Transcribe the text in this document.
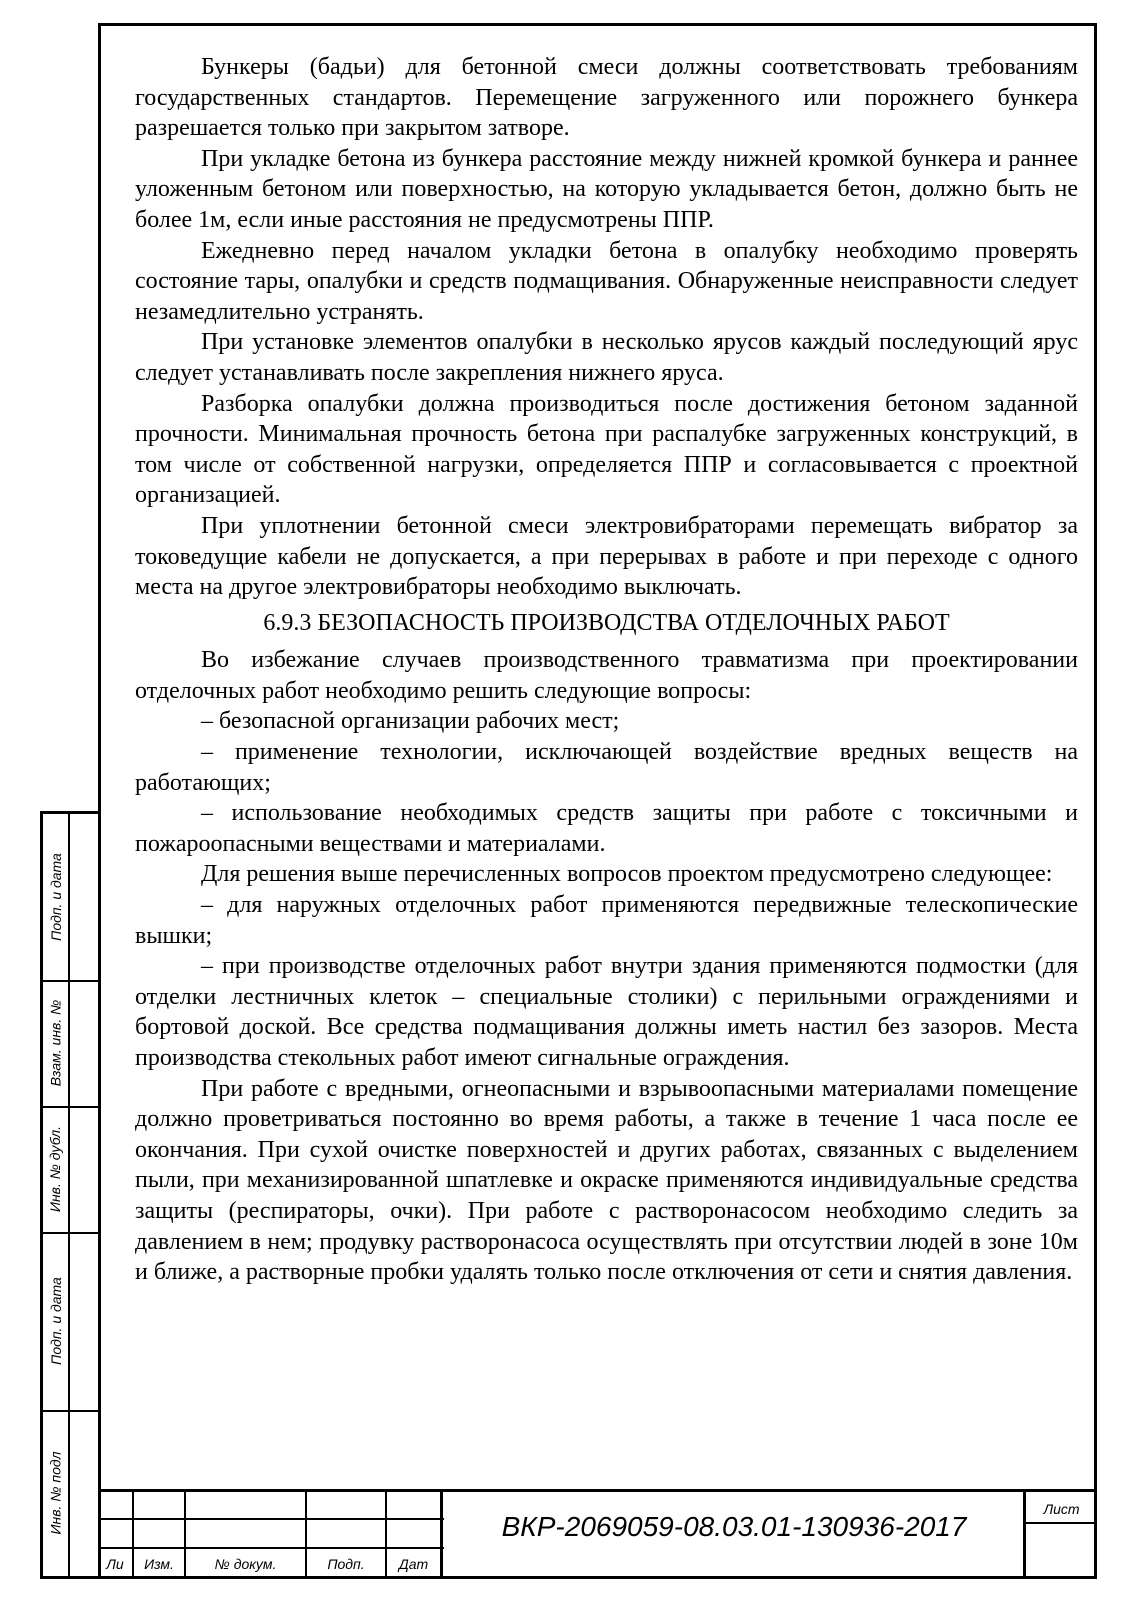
Бункеры (бадьи) для бетонной смеси должны соответствовать требованиям государственных стандартов. Перемещение загруженного или порожнего бункера разрешается только при закрытом затворе.

При укладке бетона из бункера расстояние между нижней кромкой бункера и раннее уложенным бетоном или поверхностью, на которую укладывается бетон, должно быть не более 1м, если иные расстояния не предусмотрены ППР.

Ежедневно перед началом укладки бетона в опалубку необходимо проверять состояние тары, опалубки и средств подмащивания. Обнаруженные неисправности следует незамедлительно устранять.

При установке элементов опалубки в несколько ярусов каждый последующий ярус следует устанавливать после закрепления нижнего яруса.

Разборка опалубки должна производиться после достижения бетоном заданной прочности. Минимальная прочность бетона при распалубке загруженных конструкций, в том числе от собственной нагрузки, определяется ППР и согласовывается с проектной организацией.

При уплотнении бетонной смеси электровибраторами перемещать вибратор за токоведущие кабели не допускается, а при перерывах в работе и при переходе с одного места на другое электровибраторы необходимо выключать.

6.9.3 БЕЗОПАСНОСТЬ ПРОИЗВОДСТВА ОТДЕЛОЧНЫХ РАБОТ

Во избежание случаев производственного травматизма при проектировании отделочных работ необходимо решить следующие вопросы:

– безопасной организации рабочих мест;

– применение технологии, исключающей воздействие вредных веществ на работающих;

– использование необходимых средств защиты при работе с токсичными и пожароопасными веществами и материалами.

Для решения выше перечисленных вопросов проектом предусмотрено следующее:

– для наружных отделочных работ применяются передвижные телескопические вышки;

– при производстве отделочных работ внутри здания применяются подмостки (для отделки лестничных клеток – специальные столики) с перильными ограждениями и бортовой доской. Все средства подмащивания должны иметь настил без зазоров. Места производства стекольных работ имеют сигнальные ограждения.

При работе с вредными, огнеопасными и взрывоопасными материалами помещение должно проветриваться постоянно во время работы, а также в течение 1 часа после ее окончания. При сухой очистке поверхностей и других работах, связанных с выделением пыли, при механизированной шпатлевке и окраске применяются индивидуальные средства защиты (респираторы, очки). При работе с растворонасосом необходимо следить за давлением в нем; продувку растворонасоса осуществлять при отсутствии людей в зоне 10м и ближе, а растворные пробки удалять только после отключения от сети и снятия давления.

Подп. и дата
Взам. инв. №
Инв. № дубл.
Подп. и дата
Инв. № подл
Ли	Изм.	№ докум.	Подп.	Дат
Лист
ВКР-2069059-08.03.01-130936-2017
